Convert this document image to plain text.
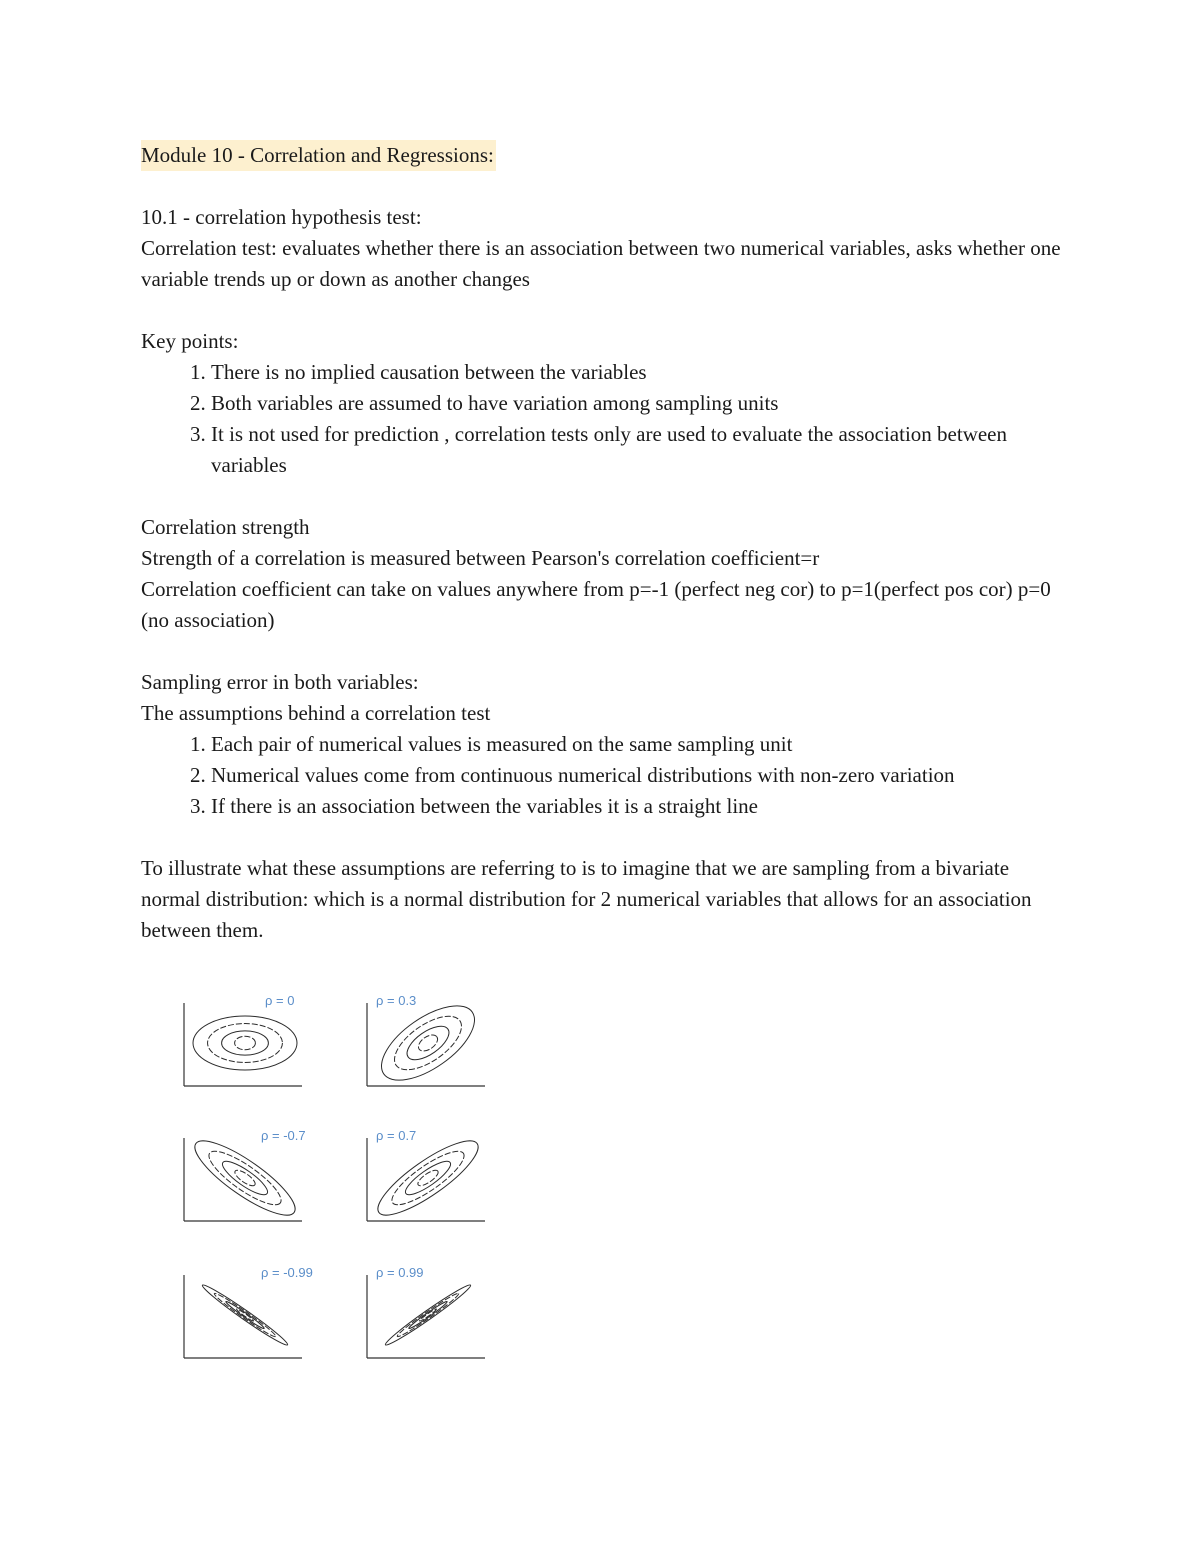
Module 10 - Correlation and Regressions:

10.1 - correlation hypothesis test:

Correlation test: evaluates whether there is an association between two numerical variables, asks whether one variable trends up or down as another changes

Key points:

1. There is no implied causation between the variables
2. Both variables are assumed to have variation among sampling units
3. It is not used for prediction , correlation tests only are used to evaluate the association between variables

Correlation strength

Strength of a correlation is measured between Pearson's correlation coefficient=r

Correlation coefficient can take on values anywhere from p=-1 (perfect neg cor) to p=1(perfect pos cor) p=0 (no association)

Sampling error in both variables:

The assumptions behind a correlation test

1. Each pair of numerical values is measured on the same sampling unit
2. Numerical values come from continuous numerical distributions with non-zero variation
3. If there is an association between the variables it is a straight line

To illustrate what these assumptions are referring to is to imagine that we are sampling from a bivariate normal distribution: which is a normal distribution for 2 numerical variables that allows for an association between them.

ρ = 0	ρ = 0.3
ρ = -0.7	ρ = 0.7
ρ = -0.99	ρ = 0.99
